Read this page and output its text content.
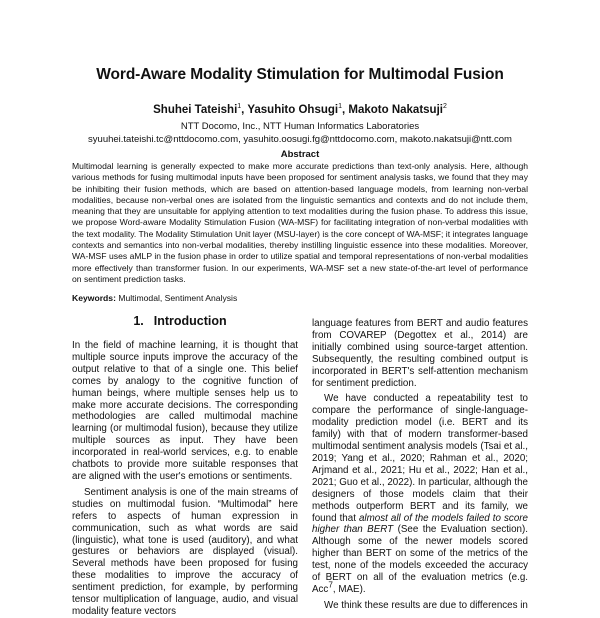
Word-Aware Modality Stimulation for Multimodal Fusion
Shuhei Tateishi$^1$, Yasuhito Ohsugi$^1$, Makoto Nakatsuji$^2$
NTT Docomo, Inc., NTT Human Informatics Laboratories
syuuhei.tateishi.tc@nttdocomo.com, yasuhito.oosugi.fg@nttdocomo.com, makoto.nakatsuji@ntt.com
Abstract

Multimodal learning is generally expected to make more accurate predictions than text-only analysis. Here, although various methods for fusing multimodal inputs have been proposed for sentiment analysis tasks, we found that they may be inhibiting their fusion methods, which are based on attention-based language models, from learning non-verbal modalities, because non-verbal ones are isolated from the linguistic semantics and contexts and do not include them, meaning that they are unsuitable for applying attention to text modalities during the fusion phase. To address this issue, we propose Word-aware Modality Stimulation Fusion (WA-MSF) for facilitating integration of non-verbal modalities with the text modality. The Modality Stimulation Unit layer (MSU-layer) is the core concept of WA-MSF; it integrates language contexts and semantics into non-verbal modalities, thereby instilling linguistic essence into these modalities. Moreover, WA-MSF uses aMLP in the fusion phase in order to utilize spatial and temporal representations of non-verbal modalities more effectively than transformer fusion. In our experiments, WA-MSF set a new state-of-the-art level of performance on sentiment prediction tasks.

Keywords: Multimodal, Sentiment Analysis
1. Introduction

In the field of machine learning, it is thought that multiple source inputs improve the accuracy of the output relative to that of a single one. This belief comes by analogy to the cognitive function of human beings, where multiple senses help us to make more accurate decisions. The corresponding methodologies are called multimodal machine learning (or multimodal fusion), because they utilize multiple sources as input. They have been incorporated in real-world services, e.g. to enable chatbots to provide more suitable responses that are aligned with the user's emotions or sentiments.

Sentiment analysis is one of the main streams of studies on multimodal fusion. “Multimodal” here refers to aspects of human expression in communication, such as what words are said (linguistic), what tone is used (auditory), and what gestures or behaviors are displayed (visual). Several methods have been proposed for fusing these modalities to improve the accuracy of sentiment prediction, for example, by performing tensor multiplication of language, audio, and visual modality feature vectors

language features from BERT and audio features from COVAREP (Degottex et al., 2014) are initially combined using source-target attention. Subsequently, the resulting combined output is incorporated in BERT's self-attention mechanism for sentiment prediction.

We have conducted a repeatability test to compare the performance of single-language-modality prediction model (i.e. BERT and its family) with that of modern transformer-based multimodal sentiment analysis models (Tsai et al., 2019; Yang et al., 2020; Rahman et al., 2020; Arjmand et al., 2021; Hu et al., 2022; Han et al., 2021; Guo et al., 2022). In particular, although the designers of those models claim that their methods outperform BERT and its family, we found that almost all of the models failed to score higher than BERT (See the Evaluation section). Although some of the newer models scored higher than BERT on some of the metrics of the test, none of the models exceeded the accuracy of BERT on all of the evaluation metrics (e.g. Acc$^7$, MAE).

We think these results are due to differences in
